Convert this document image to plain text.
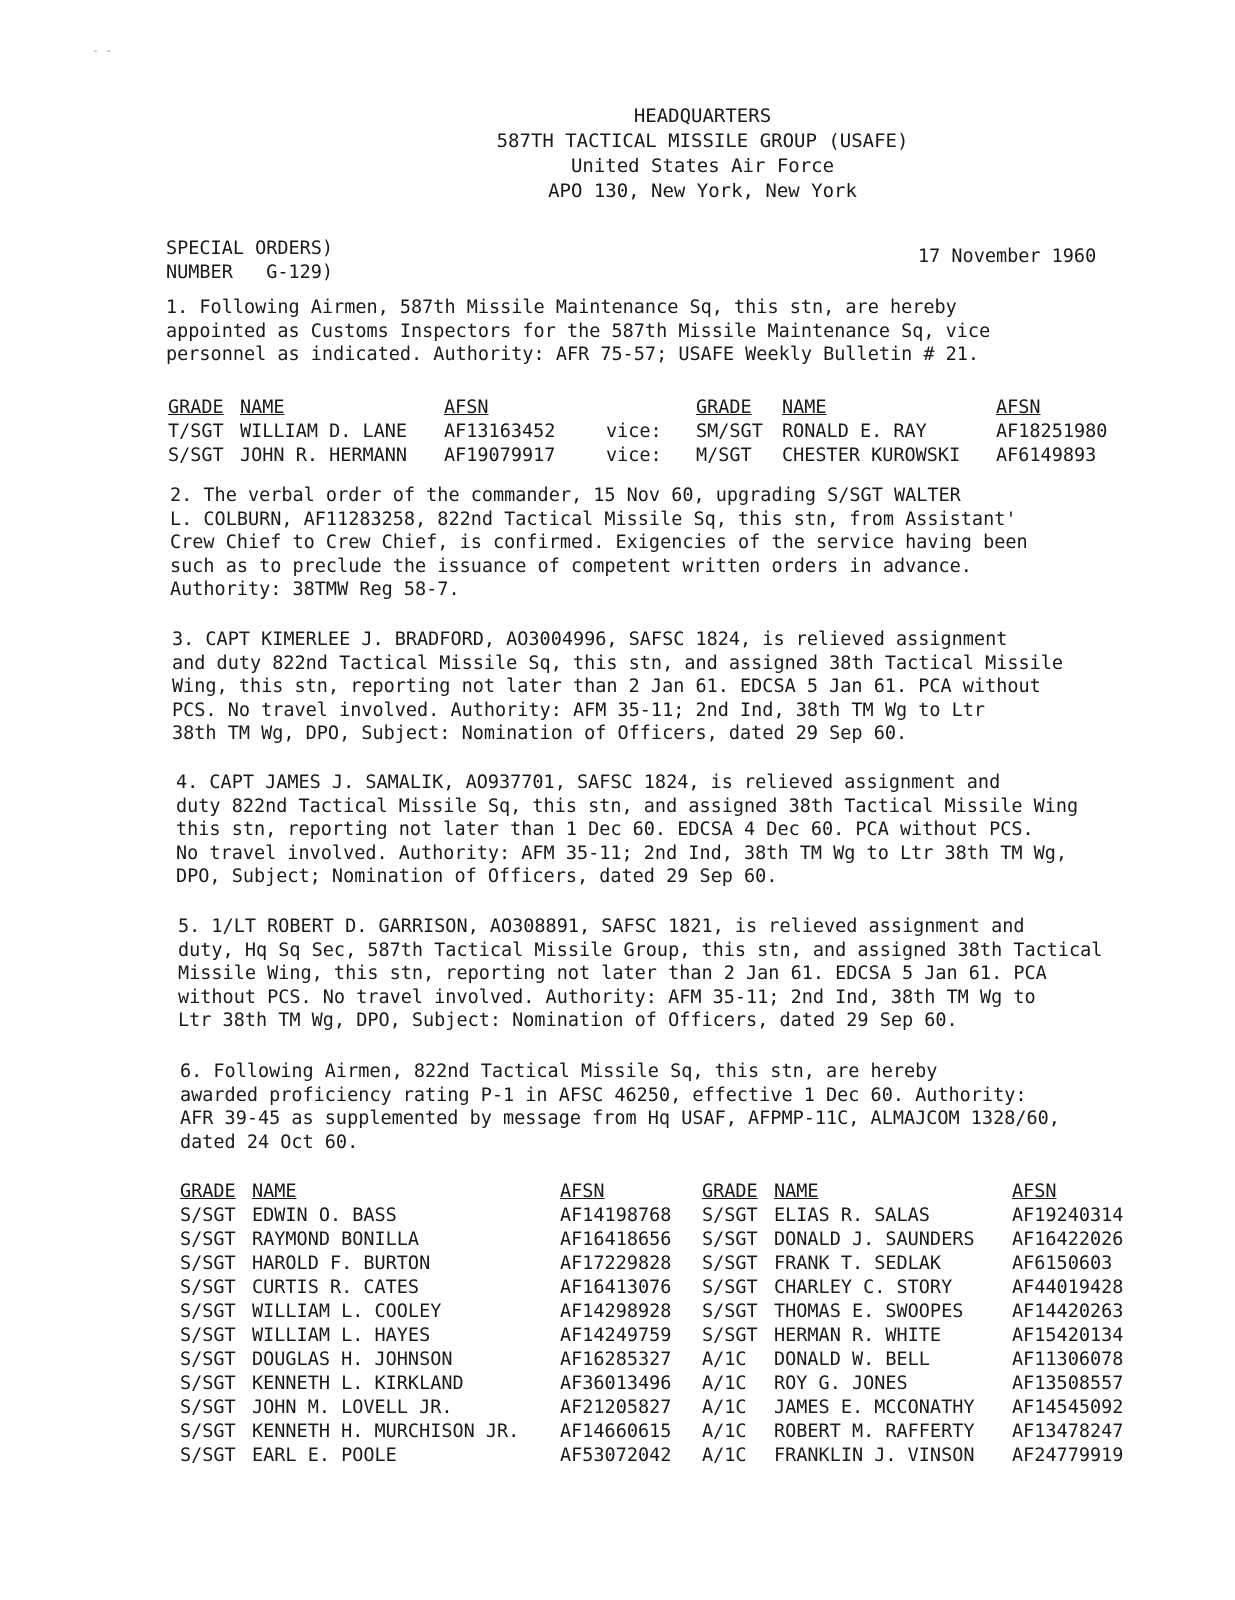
HEADQUARTERS
587TH TACTICAL MISSILE GROUP (USAFE)
United States Air Force
APO 130, New York, New York
SPECIAL ORDERS)
NUMBER   G-129)
17 November 1960

1. Following Airmen, 587th Missile Maintenance Sq, this stn, are hereby

appointed as Customs Inspectors for the 587th Missile Maintenance Sq, vice

personnel as indicated. Authority: AFR 75-57; USAFE Weekly Bulletin # 21.

GRADE NAME	AFSN	GRADE	NAME	AFSN
T/SGT WILLIAM D. LANE	AF13163452	vice:	SM/SGT	RONALD E. RAY	AF18251980
S/SGT JOHN R. HERMANN	AF19079917	vice:	M/SGT	CHESTER KUROWSKI	AF6149893

2. The verbal order of the commander, 15 Nov 60, upgrading S/SGT WALTER

L. COLBURN, AF11283258, 822nd Tactical Missile Sq, this stn, from Assistant'

Crew Chief to Crew Chief, is confirmed. Exigencies of the service having been

such as to preclude the issuance of competent written orders in advance.

Authority: 38TMW Reg 58-7.

3. CAPT KIMERLEE J. BRADFORD, AO3004996, SAFSC 1824, is relieved assignment

and duty 822nd Tactical Missile Sq, this stn, and assigned 38th Tactical Missile

Wing, this stn, reporting not later than 2 Jan 61. EDCSA 5 Jan 61. PCA without

PCS. No travel involved. Authority: AFM 35-11; 2nd Ind, 38th TM Wg to Ltr

38th TM Wg, DPO, Subject: Nomination of Officers, dated 29 Sep 60.

4. CAPT JAMES J. SAMALIK, AO937701, SAFSC 1824, is relieved assignment and

duty 822nd Tactical Missile Sq, this stn, and assigned 38th Tactical Missile Wing

this stn, reporting not later than 1 Dec 60. EDCSA 4 Dec 60. PCA without PCS.

No travel involved. Authority: AFM 35-11; 2nd Ind, 38th TM Wg to Ltr 38th TM Wg,

DPO, Subject; Nomination of Officers, dated 29 Sep 60.

5. 1/LT ROBERT D. GARRISON, AO308891, SAFSC 1821, is relieved assignment and

duty, Hq Sq Sec, 587th Tactical Missile Group, this stn, and assigned 38th Tactical

Missile Wing, this stn, reporting not later than 2 Jan 61. EDCSA 5 Jan 61. PCA

without PCS. No travel involved. Authority: AFM 35-11; 2nd Ind, 38th TM Wg to

Ltr 38th TM Wg, DPO, Subject: Nomination of Officers, dated 29 Sep 60.

6. Following Airmen, 822nd Tactical Missile Sq, this stn, are hereby

awarded proficiency rating P-1 in AFSC 46250, effective 1 Dec 60. Authority:

AFR 39-45 as supplemented by message from Hq USAF, AFPMP-11C, ALMAJCOM 1328/60,

dated 24 Oct 60.

GRADE NAME	AFSN	GRADE NAME	AFSN
S/SGT EDWIN O. BASS	AF14198768	S/SGT ELIAS R. SALAS	AF19240314
S/SGT RAYMOND BONILLA	AF16418656	S/SGT DONALD J. SAUNDERS	AF16422026
S/SGT HAROLD F. BURTON	AF17229828	S/SGT FRANK T. SEDLAK	AF6150603
S/SGT CURTIS R. CATES	AF16413076	S/SGT CHARLEY C. STORY	AF44019428
S/SGT WILLIAM L. COOLEY	AF14298928	S/SGT THOMAS E. SWOOPES	AF14420263
S/SGT WILLIAM L. HAYES	AF14249759	S/SGT HERMAN R. WHITE	AF15420134
S/SGT DOUGLAS H. JOHNSON	AF16285327	A/1C	DONALD W. BELL	AF11306078
S/SGT KENNETH L. KIRKLAND	AF36013496	A/1C	ROY G. JONES	AF13508557
S/SGT JOHN M. LOVELL JR.	AF21205827	A/1C	JAMES E. MCCONATHY	AF14545092
S/SGT KENNETH H. MURCHISON JR.	AF14660615	A/1C	ROBERT M. RAFFERTY	AF13478247
S/SGT EARL E. POOLE	AF53072042	A/1C	FRANKLIN J. VINSON	AF24779919
- -
